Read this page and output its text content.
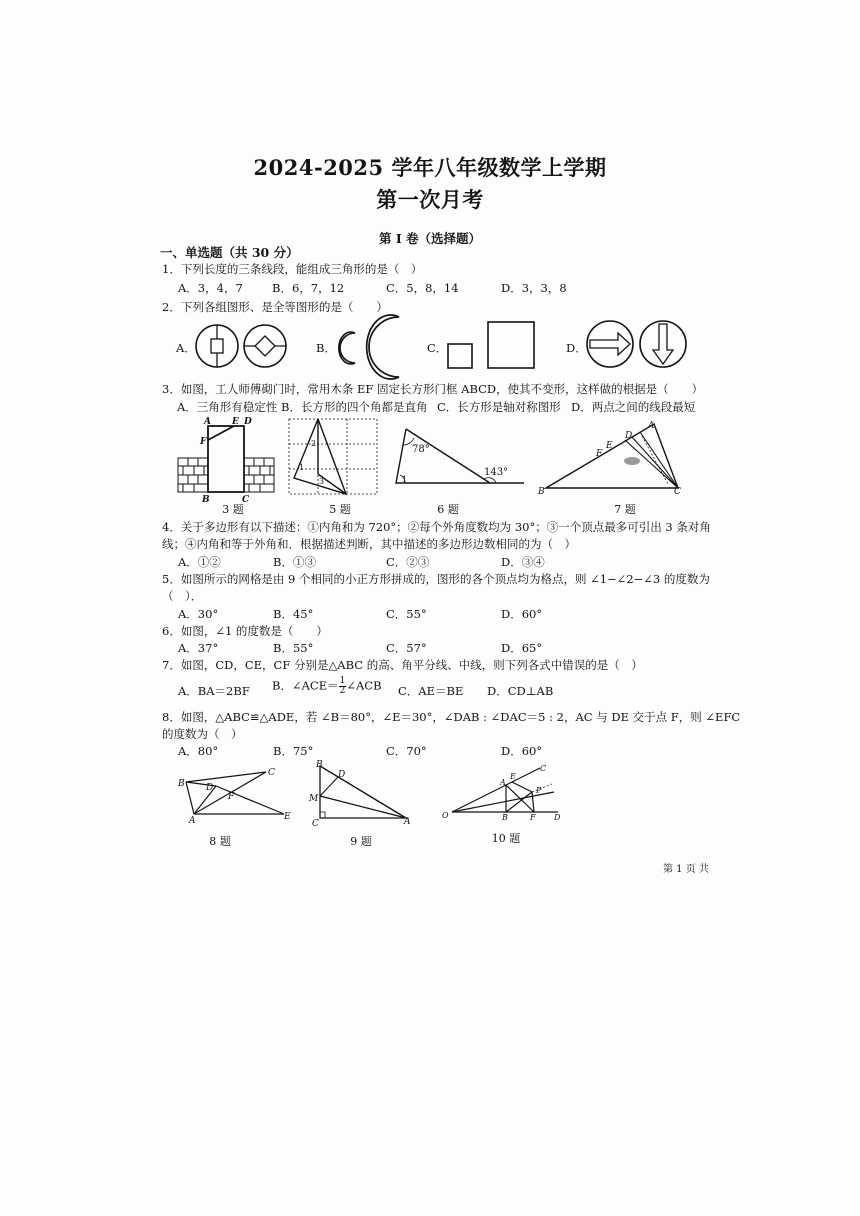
2024-2025 学年八年级数学上学期
第一次月考
第 I 卷（选择题）
一、单选题（共 30 分）
1．下列长度的三条线段，能组成三角形的是（　）
A．3，4，7	B．6，7，12	C．5，8，14	D．3，3，8
2．下列各组图形、是全等图形的是（　　）
A．	B．	C．	D．
3．如图，工人师傅砌门时，常用木条 EF 固定长方形门框 ABCD，使其不变形，这样做的根据是（　　）
A．三角形有稳定性 B．长方形的四个角都是直角 C．长方形是轴对称图形 D．两点之间的线段最短
A E D
F
B	C
2
1
3
78°
143°
1
A
D
E
F
B	C
3 题	5 题	6 题	7 题
4．关于多边形有以下描述：①内角和为 720°；②每个外角度数均为 30°；③一个顶点最多可引出 3 条对角
线；④内角和等于外角和．根据描述判断，其中描述的多边形边数相同的为（　）
A．①②	B．①③	C．②③	D．③④
5．如图所示的网格是由 9 个相同的小正方形拼成的，图形的各个顶点均为格点，则 ∠1−∠2−∠3 的度数为
（　）．
A．30°	B．45°	C．55°	D．60°
6．如图，∠1 的度数是（　　）
A．37°	B．55°	C．57°	D．65°
7．如图，CD，CE，CF 分别是△ABC 的高、角平分线、中线，则下列各式中错误的是（　）
A．BA＝2BF B．∠ACE＝ $\frac{1}{2}$ ∠ACB C．AE＝BE D．CD⊥AB
8．如图，△ABC≌△ADE，若 ∠B＝80°，∠E＝30°，∠DAB : ∠DAC＝5 : 2，AC 与 DE 交于点 F，则 ∠EFC
的度数为（　）
A．80°	B．75°	C．70°	D．60°
C
B D
F
A	E
B
D
M
C	A
C
E
A
P
O	B	F D
8 题	9 题	10 题
第 1 页 共
